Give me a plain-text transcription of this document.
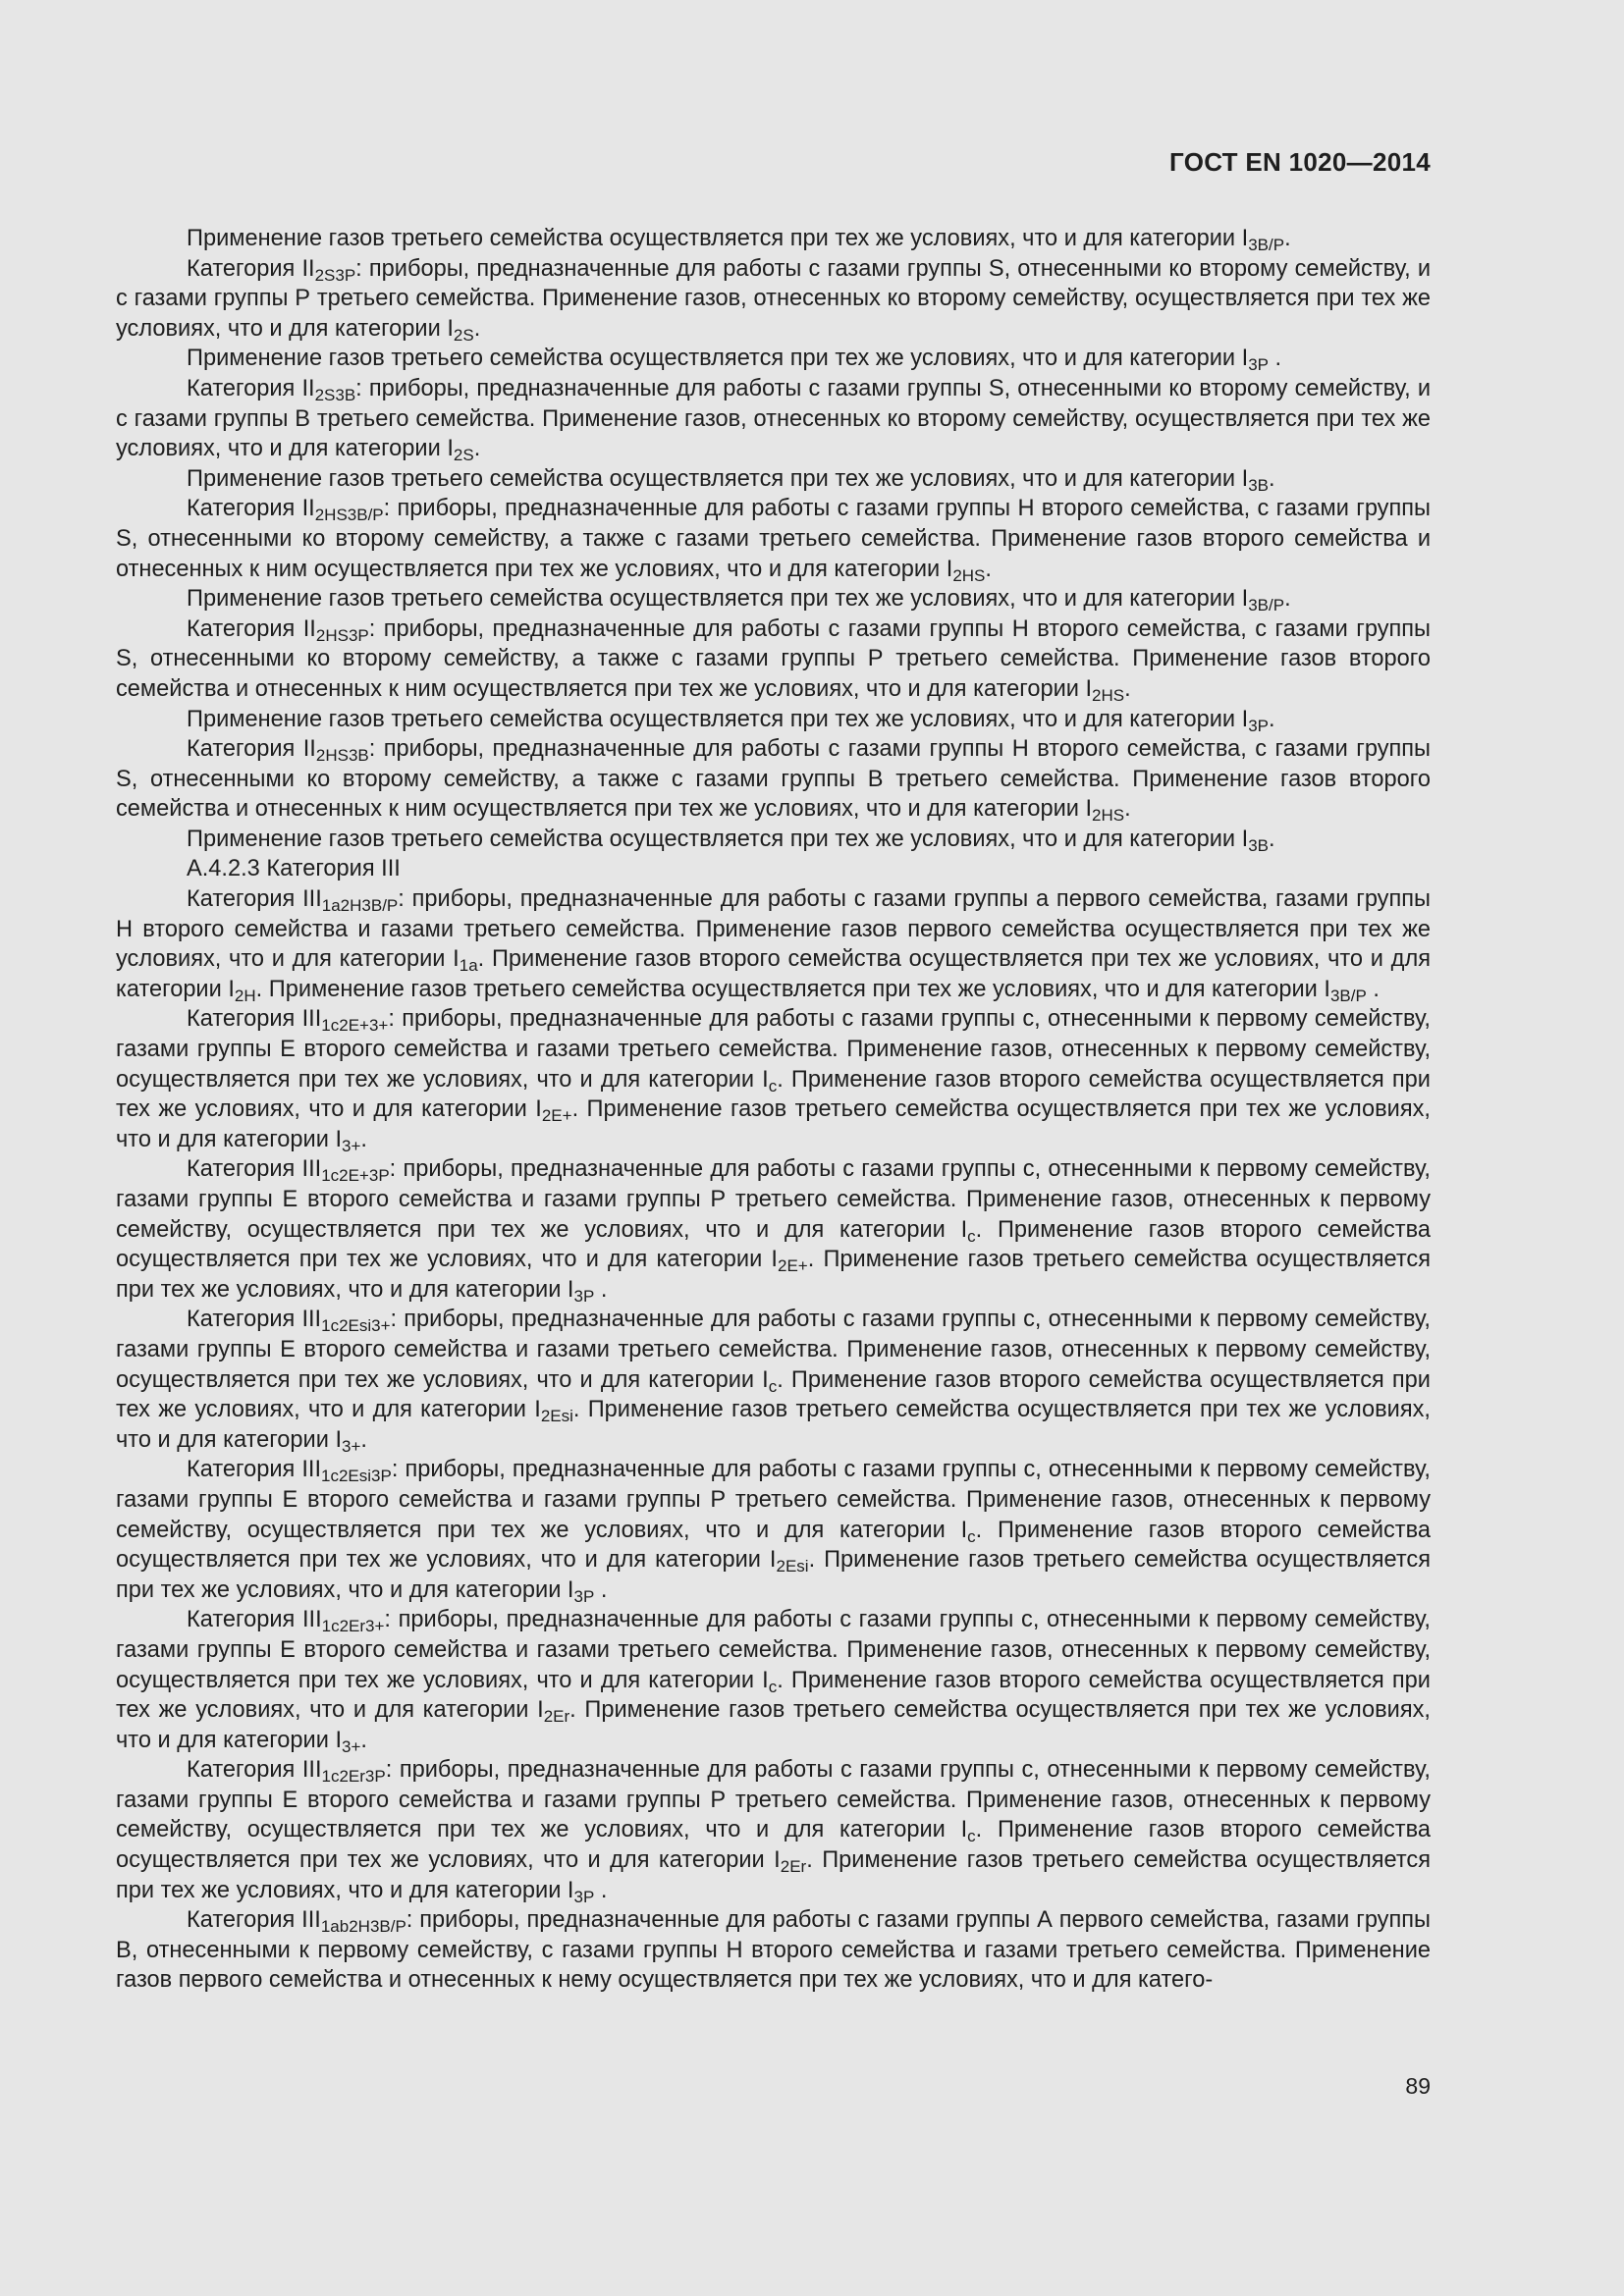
ГОСТ EN 1020—2014

Применение газов третьего семейства осуществляется при тех же условиях, что и для категории $I_{3B/P}$.

Категория $II_{2S3P}$: приборы, предназначенные для работы с газами группы S, отнесенными ко второму семейству, и с газами группы Р третьего семейства. Применение газов, отнесенных ко второму семейству, осуществляется при тех же условиях, что и для категории $I_{2S}$.

Применение газов третьего семейства осуществляется при тех же условиях, что и для категории $I_{3P}$ .

Категория $II_{2S3B}$: приборы, предназначенные для работы с газами группы S, отнесенными ко второму семейству, и с газами группы В третьего семейства. Применение газов, отнесенных ко второму семейству, осуществляется при тех же условиях, что и для категории $I_{2S}$.

Применение газов третьего семейства осуществляется при тех же условиях, что и для категории $I_{3B}$.

Категория $II_{2HS3B/P}$: приборы, предназначенные для работы с газами группы Н второго семейства, с газами группы S, отнесенными ко второму семейству, а также с газами третьего семейства. Применение газов второго семейства и отнесенных к ним осуществляется при тех же условиях, что и для категории $I_{2HS}$.

Применение газов третьего семейства осуществляется при тех же условиях, что и для категории $I_{3B/P}$.

Категория $II_{2HS3P}$: приборы, предназначенные для работы с газами группы Н второго семейства, с газами группы S, отнесенными ко второму семейству, а также с газами группы Р третьего семейства. Применение газов второго семейства и отнесенных к ним осуществляется при тех же условиях, что и для категории $I_{2HS}$.

Применение газов третьего семейства осуществляется при тех же условиях, что и для категории $I_{3P}$.

Категория $II_{2HS3B}$: приборы, предназначенные для работы с газами группы Н второго семейства, с газами группы S, отнесенными ко второму семейству, а также с газами группы В третьего семейства. Применение газов второго семейства и отнесенных к ним осуществляется при тех же условиях, что и для категории $I_{2HS}$.

Применение газов третьего семейства осуществляется при тех же условиях, что и для категории $I_{3B}$.

А.4.2.3 Категория III

Категория $III_{1a2H3B/P}$: приборы, предназначенные для работы с газами группы а первого семейства, газами группы Н второго семейства и газами третьего семейства. Применение газов первого семейства осуществляется при тех же условиях, что и для категории $I_{1a}$. Применение газов второго семейства осуществляется при тех же условиях, что и для категории $I_{2H}$. Применение газов третьего семейства осуществляется при тех же условиях, что и для категории $I_{3B/P}$ .

Категория $III_{1c2E+3+}$: приборы, предназначенные для работы с газами группы с, отнесенными к первому семейству, газами группы Е второго семейства и газами третьего семейства. Применение газов, отнесенных к первому семейству, осуществляется при тех же условиях, что и для категории $I_c$. Применение газов второго семейства осуществляется при тех же условиях, что и для категории $I_{2E+}$. Применение газов третьего семейства осуществляется при тех же условиях, что и для категории $I_{3+}$.

Категория $III_{1c2E+3P}$: приборы, предназначенные для работы с газами группы с, отнесенными к первому семейству, газами группы Е второго семейства и газами группы Р третьего семейства. Применение газов, отнесенных к первому семейству, осуществляется при тех же условиях, что и для категории $I_c$. Применение газов второго семейства осуществляется при тех же условиях, что и для категории $I_{2E+}$. Применение газов третьего семейства осуществляется при тех же условиях, что и для категории $I_{3P}$ .

Категория $III_{1c2Esi3+}$: приборы, предназначенные для работы с газами группы с, отнесенными к первому семейству, газами группы Е второго семейства и газами третьего семейства. Применение газов, отнесенных к первому семейству, осуществляется при тех же условиях, что и для категории $I_c$. Применение газов второго семейства осуществляется при тех же условиях, что и для категории $I_{2Esi}$. Применение газов третьего семейства осуществляется при тех же условиях, что и для категории $I_{3+}$.

Категория $III_{1c2Esi3P}$: приборы, предназначенные для работы с газами группы с, отнесенными к первому семейству, газами группы Е второго семейства и газами группы Р третьего семейства. Применение газов, отнесенных к первому семейству, осуществляется при тех же условиях, что и для категории $I_c$. Применение газов второго семейства осуществляется при тех же условиях, что и для категории $I_{2Esi}$. Применение газов третьего семейства осуществляется при тех же условиях, что и для категории $I_{3P}$ .

Категория $III_{1c2Er3+}$: приборы, предназначенные для работы с газами группы с, отнесенными к первому семейству, газами группы Е второго семейства и газами третьего семейства. Применение газов, отнесенных к первому семейству, осуществляется при тех же условиях, что и для категории $I_c$. Применение газов второго семейства осуществляется при тех же условиях, что и для категории $I_{2Er}$. Применение газов третьего семейства осуществляется при тех же условиях, что и для категории $I_{3+}$.

Категория $III_{1c2Er3P}$: приборы, предназначенные для работы с газами группы с, отнесенными к первому семейству, газами группы Е второго семейства и газами группы Р третьего семейства. Применение газов, отнесенных к первому семейству, осуществляется при тех же условиях, что и для категории $I_c$. Применение газов второго семейства осуществляется при тех же условиях, что и для категории $I_{2Er}$. Применение газов третьего семейства осуществляется при тех же условиях, что и для категории $I_{3P}$ .

Категория $III_{1ab2H3B/P}$: приборы, предназначенные для работы с газами группы А первого семейства, газами группы В, отнесенными к первому семейству, с газами группы Н второго семейства и газами третьего семейства. Применение газов первого семейства и отнесенных к нему осуществляется при тех же условиях, что и для катего-

89
